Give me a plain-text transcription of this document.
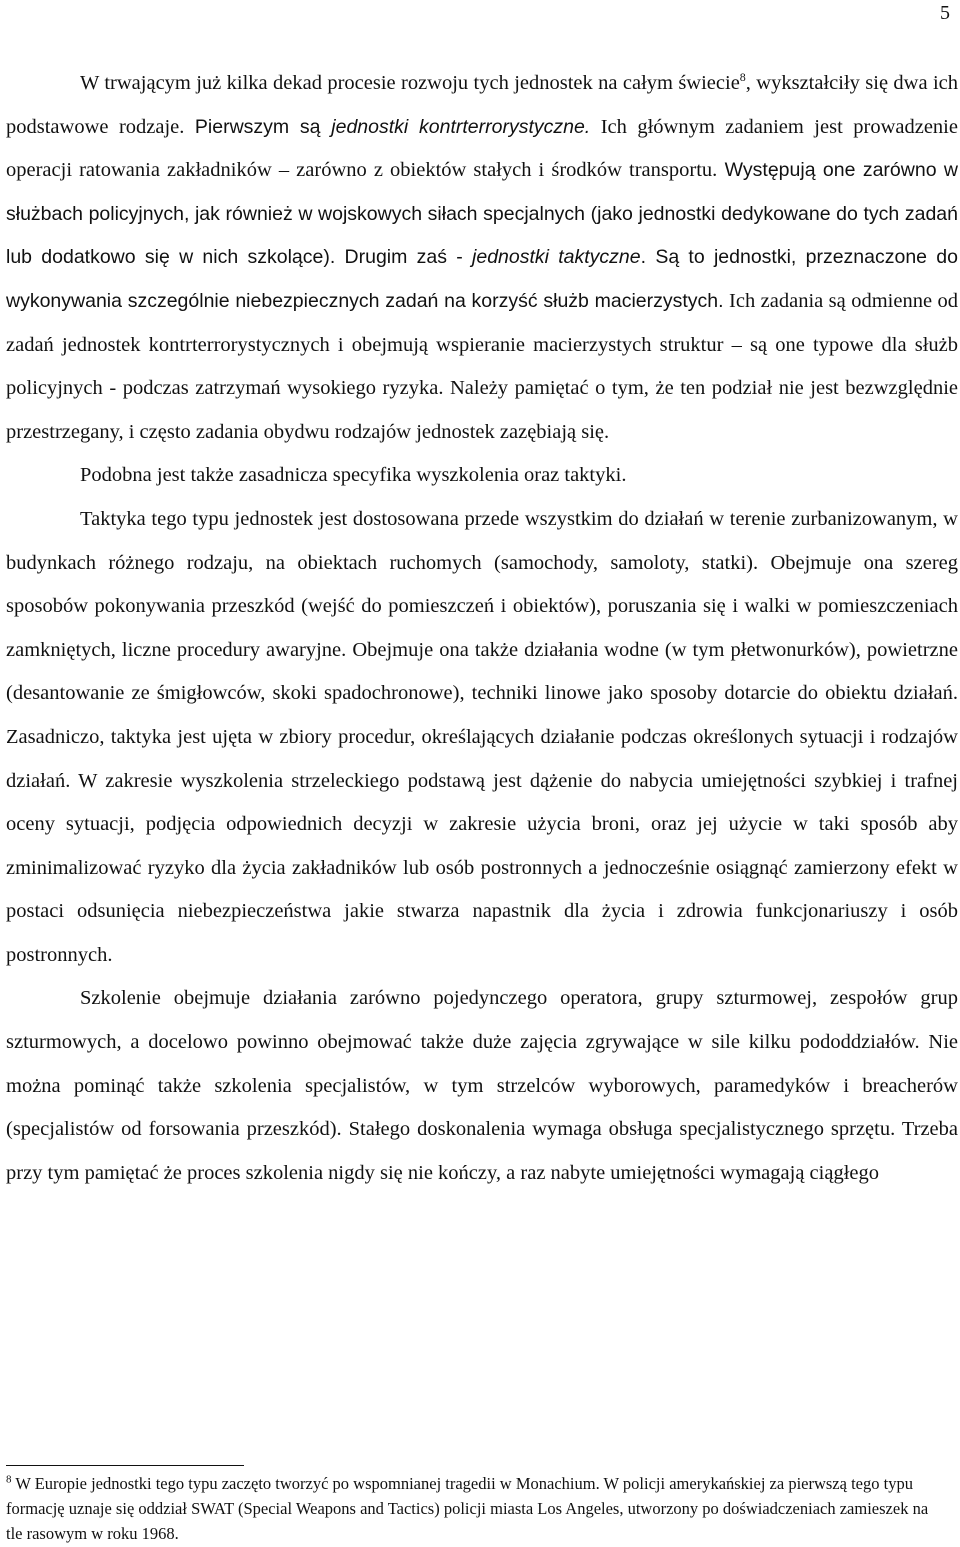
5

W trwającym już kilka dekad procesie rozwoju tych jednostek na całym świecie$^8$, wykształciły się dwa ich podstawowe rodzaje. Pierwszym są jednostki kontrterrorystyczne. Ich głównym zadaniem jest prowadzenie operacji ratowania zakładników – zarówno z obiektów stałych i środków transportu. Występują one zarówno w służbach policyjnych, jak również w wojskowych siłach specjalnych (jako jednostki dedykowane do tych zadań lub dodatkowo się w nich szkolące). Drugim zaś - jednostki taktyczne. Są to jednostki, przeznaczone do wykonywania szczególnie niebezpiecznych zadań na korzyść służb macierzystych. Ich zadania są odmienne od zadań jednostek kontrterrorystycznych i obejmują wspieranie macierzystych struktur – są one typowe dla służb policyjnych - podczas zatrzymań wysokiego ryzyka. Należy pamiętać o tym, że ten podział nie jest bezwzględnie przestrzegany, i często zadania obydwu rodzajów jednostek zazębiają się.

Podobna jest także zasadnicza specyfika wyszkolenia oraz taktyki.

Taktyka tego typu jednostek jest dostosowana przede wszystkim do działań w terenie zurbanizowanym, w budynkach różnego rodzaju, na obiektach ruchomych (samochody, samoloty, statki). Obejmuje ona szereg sposobów pokonywania przeszkód (wejść do pomieszczeń i obiektów), poruszania się i walki w pomieszczeniach zamkniętych, liczne procedury awaryjne. Obejmuje ona także działania wodne (w tym płetwonurków), powietrzne (desantowanie ze śmigłowców, skoki spadochronowe), techniki linowe jako sposoby dotarcie do obiektu działań. Zasadniczo, taktyka jest ujęta w zbiory procedur, określających działanie podczas określonych sytuacji i rodzajów działań. W zakresie wyszkolenia strzeleckiego podstawą jest dążenie do nabycia umiejętności szybkiej i trafnej oceny sytuacji, podjęcia odpowiednich decyzji w zakresie użycia broni, oraz jej użycie w taki sposób aby zminimalizować ryzyko dla życia zakładników lub osób postronnych a jednocześnie osiągnąć zamierzony efekt w postaci odsunięcia niebezpieczeństwa jakie stwarza napastnik dla życia i zdrowia funkcjonariuszy i osób postronnych.

Szkolenie obejmuje działania zarówno pojedynczego operatora, grupy szturmowej, zespołów grup szturmowych, a docelowo powinno obejmować także duże zajęcia zgrywające w sile kilku pododdziałów. Nie można pominąć także szkolenia specjalistów, w tym strzelców wyborowych, paramedyków i breacherów (specjalistów od forsowania przeszkód). Stałego doskonalenia wymaga obsługa specjalistycznego sprzętu. Trzeba przy tym pamiętać że proces szkolenia nigdy się nie kończy, a raz nabyte umiejętności wymagają ciągłego

$^8$ W Europie jednostki tego typu zaczęto tworzyć po wspomnianej tragedii w Monachium. W policji amerykańskiej za pierwszą tego typu formację uznaje się oddział SWAT (Special Weapons and Tactics) policji miasta Los Angeles, utworzony po doświadczeniach zamieszek na tle rasowym w roku 1968.
